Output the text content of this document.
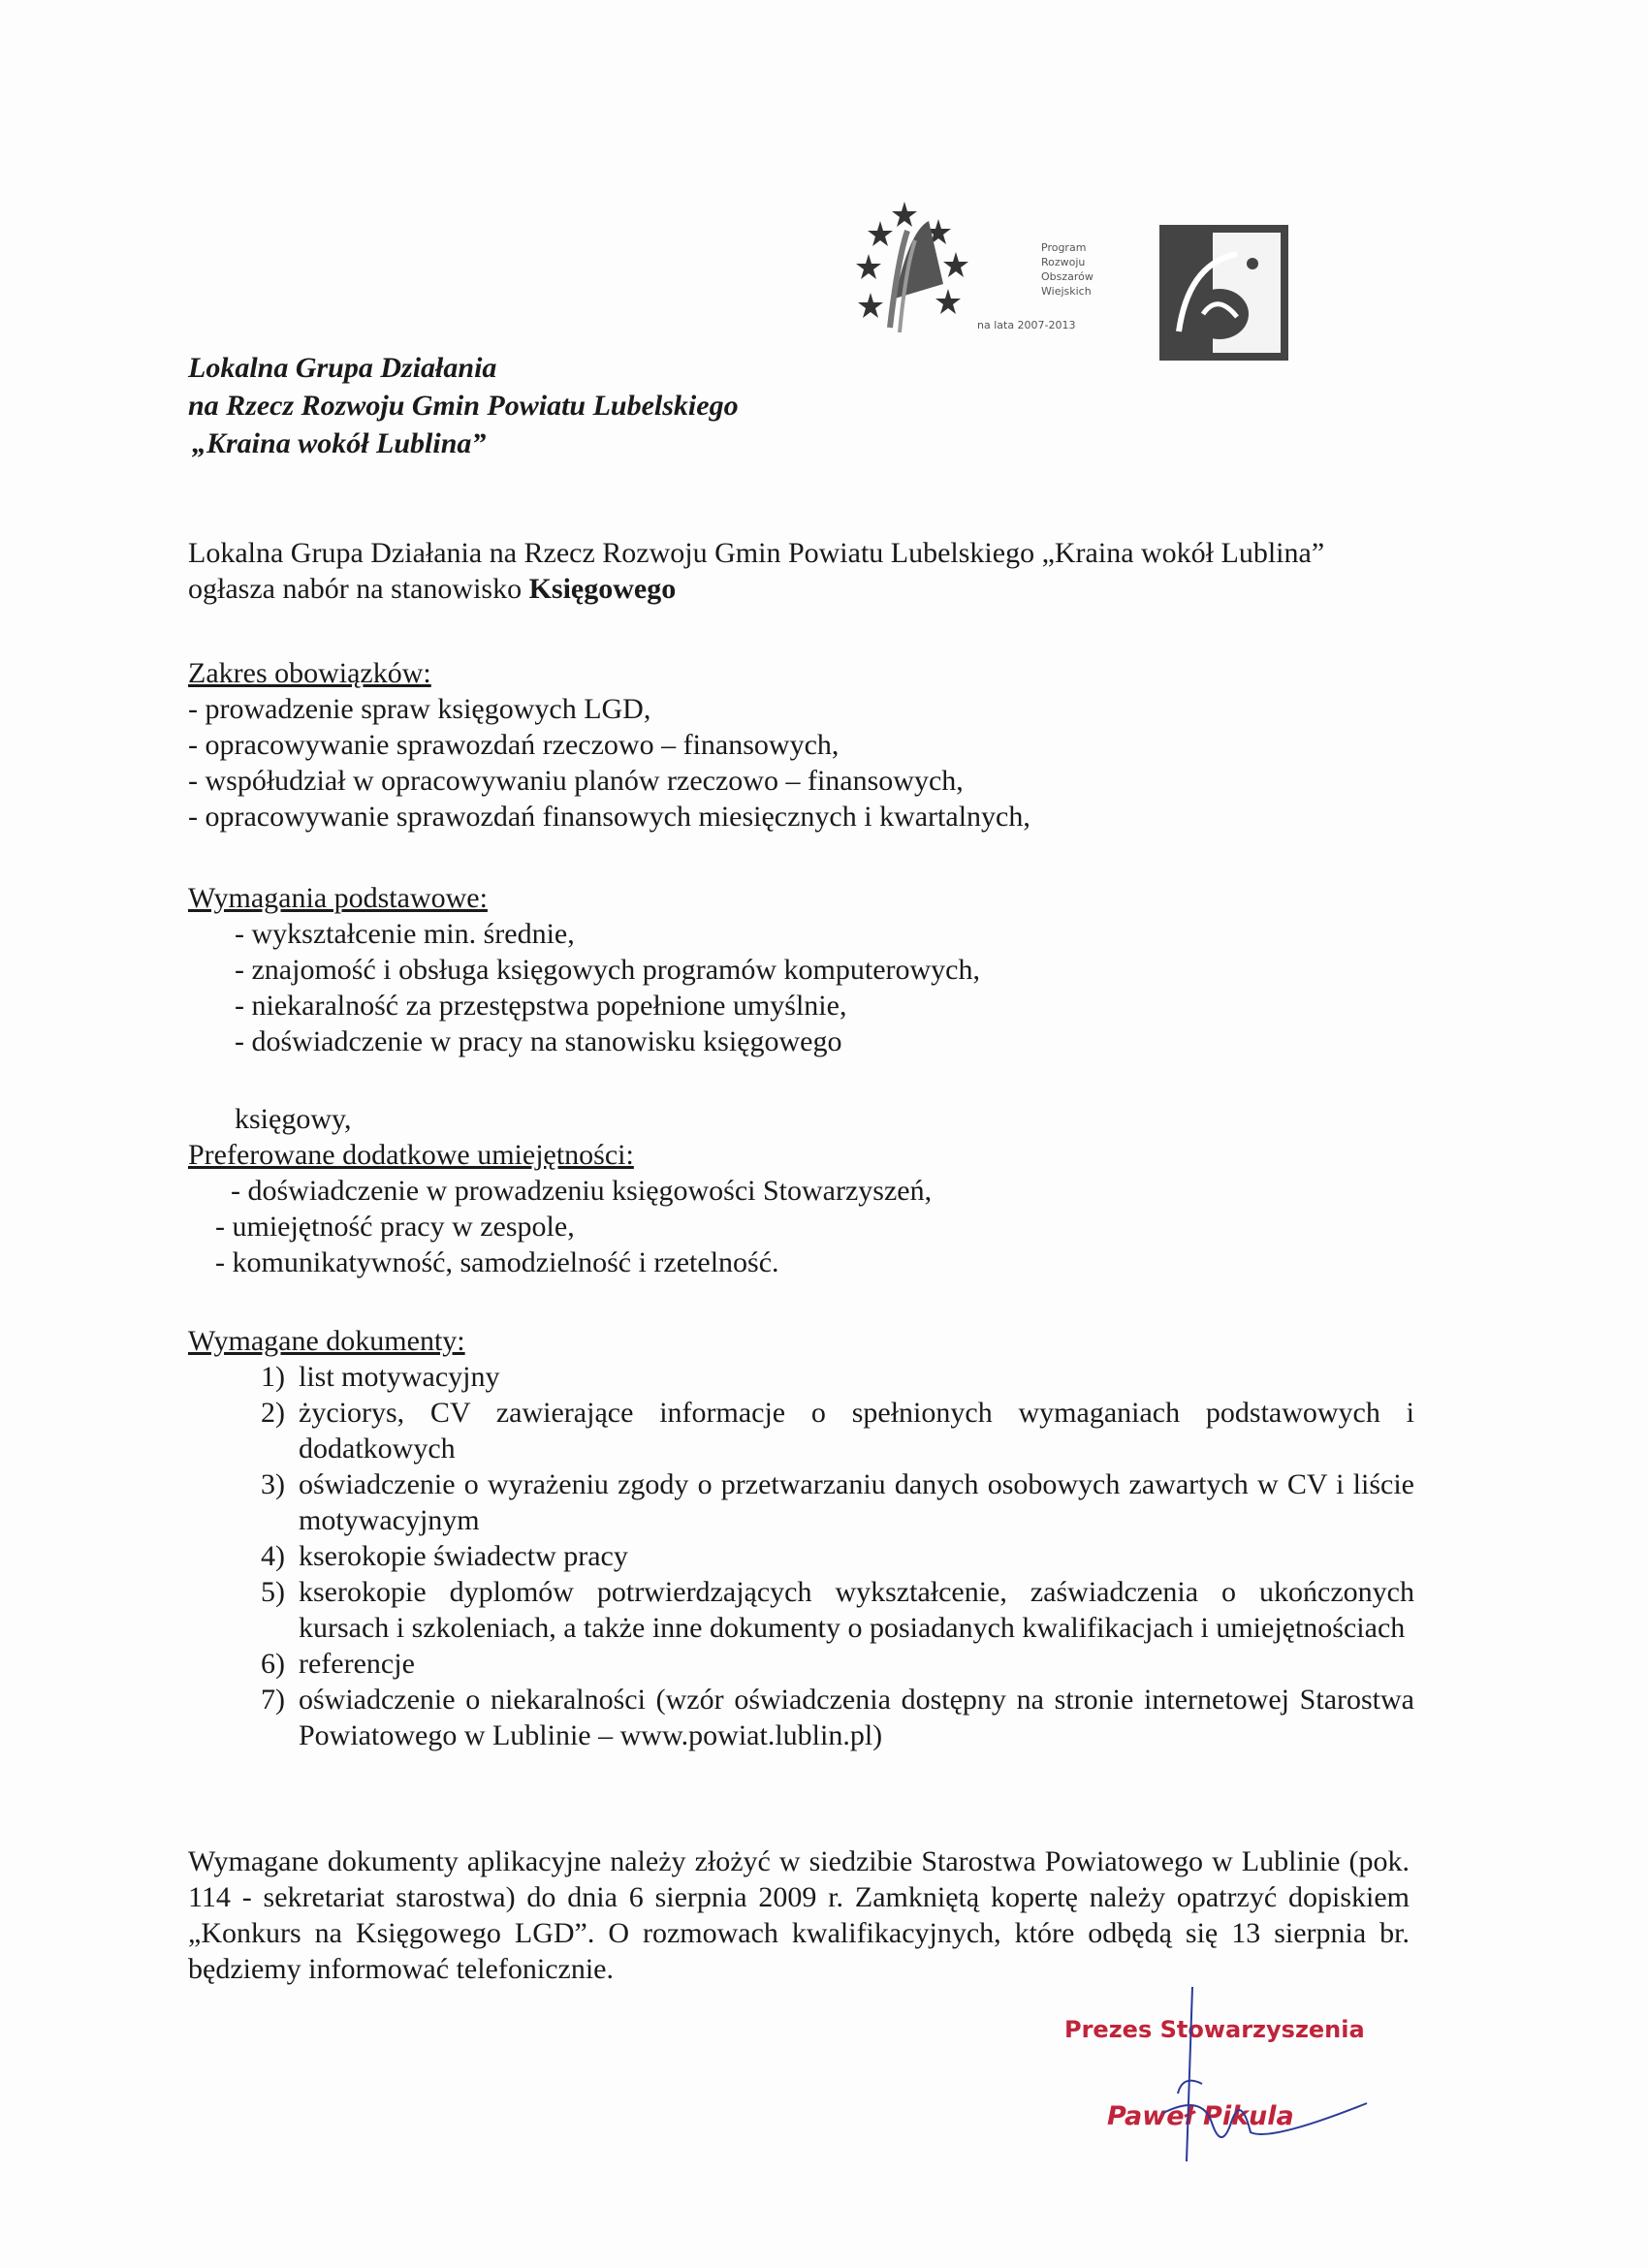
Program
Rozwoju
Obszarów
Wiejskich
na lata 2007-2013
Lokalna Grupa Działania
na Rzecz Rozwoju Gmin Powiatu Lubelskiego
„Kraina wokół Lublina”
Lokalna Grupa Działania na Rzecz Rozwoju Gmin Powiatu Lubelskiego „Kraina wokół Lublina” ogłasza nabór na stanowisko Księgowego
Zakres obowiązków:
- prowadzenie spraw księgowych LGD,
- opracowywanie sprawozdań rzeczowo – finansowych,
- współudział w opracowywaniu planów rzeczowo – finansowych,
- opracowywanie sprawozdań finansowych miesięcznych i kwartalnych,
Wymagania podstawowe:
- wykształcenie min. średnie,
- znajomość i obsługa księgowych programów komputerowych,
- niekaralność za przestępstwa popełnione umyślnie,
- doświadczenie w pracy na stanowisku księgowego
księgowy,
Preferowane dodatkowe umiejętności:
- doświadczenie w prowadzeniu księgowości Stowarzyszeń,
- umiejętność pracy w zespole,
- komunikatywność, samodzielność i rzetelność.
Wymagane dokumenty:
1) list motywacyjny
2) życiorys, CV zawierające informacje o spełnionych wymaganiach podstawowych i dodatkowych
3) oświadczenie o wyrażeniu zgody o przetwarzaniu danych osobowych zawartych w CV i liście motywacyjnym
4) kserokopie świadectw pracy
5) kserokopie dyplomów potrwierdzających wykształcenie, zaświadczenia o ukończonych kursach i szkoleniach, a także inne dokumenty o posiadanych kwalifikacjach i umiejętnościach
6) referencje
7) oświadczenie o niekaralności (wzór oświadczenia dostępny na stronie internetowej Starostwa Powiatowego w Lublinie – www.powiat.lublin.pl)
Wymagane dokumenty aplikacyjne należy złożyć w siedzibie Starostwa Powiatowego w Lublinie (pok. 114 - sekretariat starostwa) do dnia 6 sierpnia 2009 r. Zamkniętą kopertę należy opatrzyć dopiskiem „Konkurs na Księgowego LGD”. O rozmowach kwalifikacyjnych, które odbędą się 13 sierpnia br. będziemy informować telefonicznie.
Prezes Stowarzyszenia
Paweł Pikula
